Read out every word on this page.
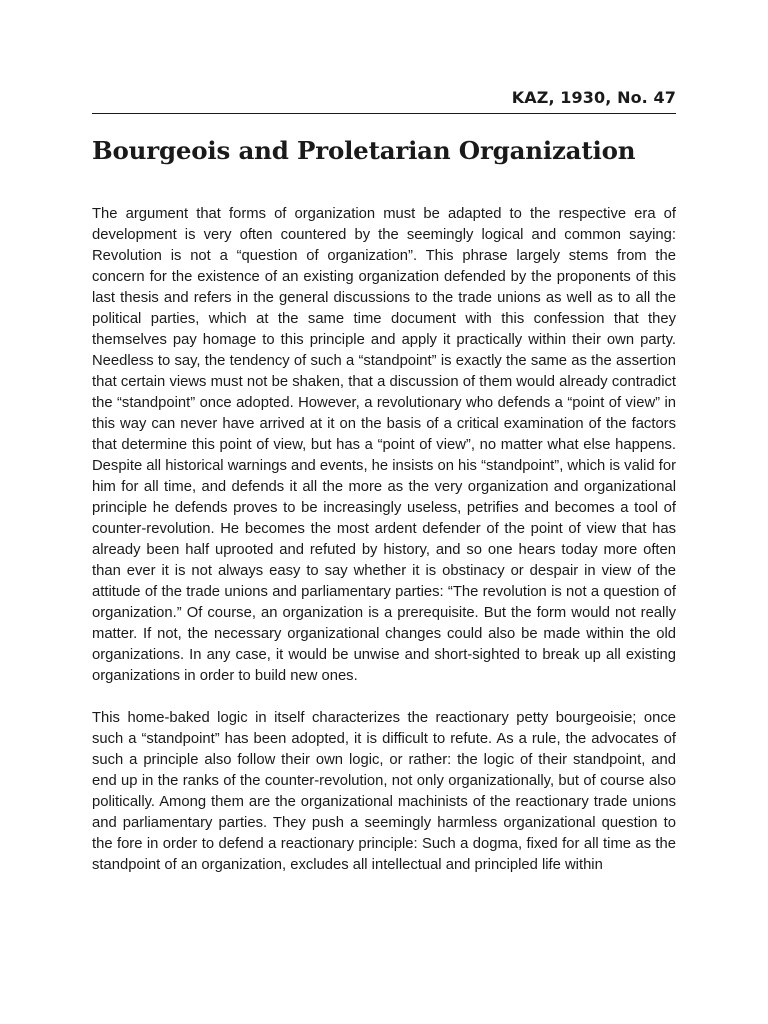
KAZ, 1930, No. 47
Bourgeois and Proletarian Organization

The argument that forms of organization must be adapted to the respective era of development is very often countered by the seemingly logical and common saying: Revolution is not a “question of organization”. This phrase largely stems from the concern for the existence of an existing organization defended by the proponents of this last thesis and refers in the general discussions to the trade unions as well as to all the political parties, which at the same time document with this confession that they themselves pay homage to this principle and apply it practically within their own party. Needless to say, the tendency of such a “standpoint” is exactly the same as the assertion that certain views must not be shaken, that a discussion of them would already contradict the “standpoint” once adopted. However, a revolutionary who defends a “point of view” in this way can never have arrived at it on the basis of a critical examination of the factors that determine this point of view, but has a “point of view”, no matter what else happens. Despite all historical warnings and events, he insists on his “standpoint”, which is valid for him for all time, and defends it all the more as the very organization and organizational principle he defends proves to be increasingly useless, petrifies and becomes a tool of counter-revolution. He becomes the most ardent defender of the point of view that has already been half uprooted and refuted by history, and so one hears today more often than ever it is not always easy to say whether it is obstinacy or despair in view of the attitude of the trade unions and parliamentary parties: “The revolution is not a question of organization.” Of course, an organization is a prerequisite. But the form would not really matter. If not, the necessary organizational changes could also be made within the old organizations. In any case, it would be unwise and short-sighted to break up all existing organizations in order to build new ones.

This home-baked logic in itself characterizes the reactionary petty bourgeoisie; once such a “standpoint” has been adopted, it is difficult to refute. As a rule, the advocates of such a principle also follow their own logic, or rather: the logic of their standpoint, and end up in the ranks of the counter-revolution, not only organizationally, but of course also politically. Among them are the organizational machinists of the reactionary trade unions and parliamentary parties. They push a seemingly harmless organizational question to the fore in order to defend a reactionary principle: Such a dogma, fixed for all time as the standpoint of an organization, excludes all intellectual and principled life within
